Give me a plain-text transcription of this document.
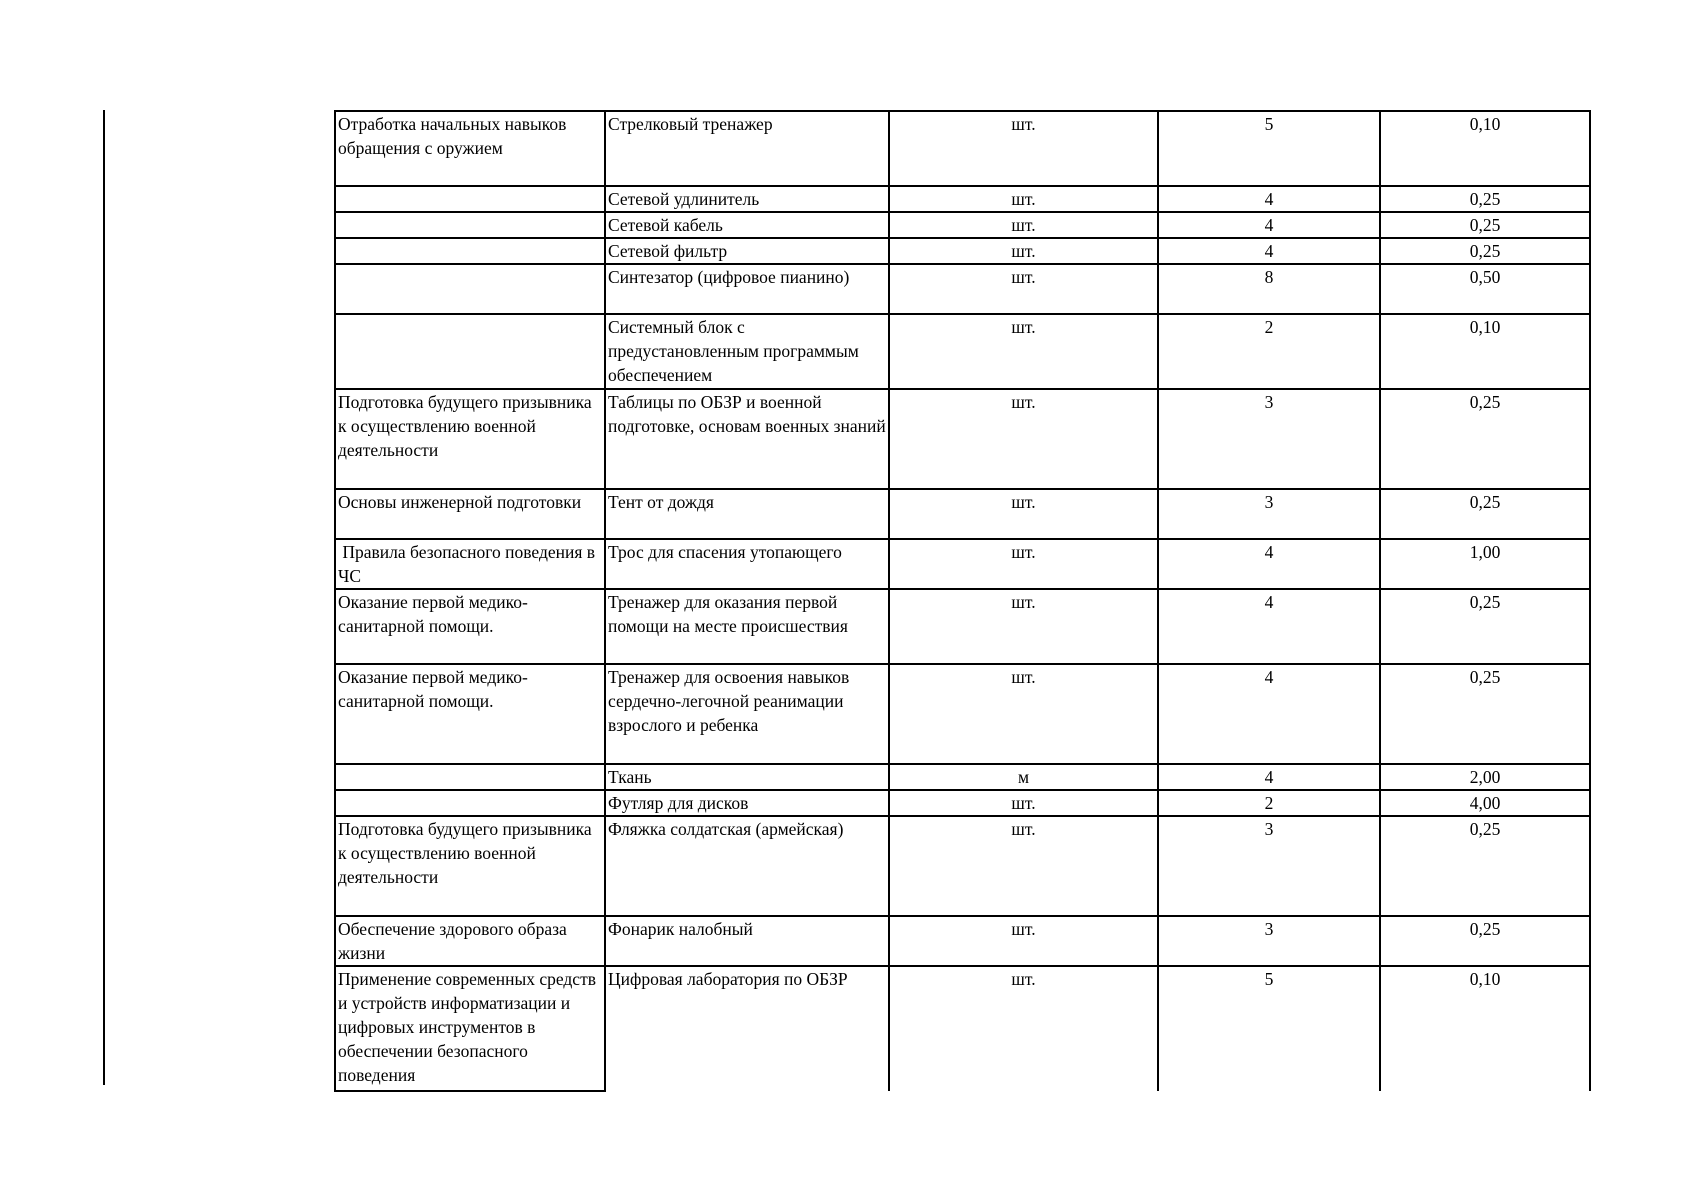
Отработка начальных навыков обращения с оружием	Стрелковый тренажер	шт.	5	0,10
	Сетевой удлинитель	шт.	4	0,25
	Сетевой кабель	шт.	4	0,25
	Сетевой фильтр	шт.	4	0,25
	Синтезатор (цифровое пианино)	шт.	8	0,50
	Системный блок с предустановленным программым обеспечением	шт.	2	0,10
Подготовка будущего призывника к осуществлению военной деятельности	Таблицы по ОБЗР и военной подготовке, основам военных знаний	шт.	3	0,25
Основы инженерной подготовки	Тент от дождя	шт.	3	0,25
Правила безопасного поведения в ЧС	Трос для спасения утопающего	шт.	4	1,00
Оказание первой медико-санитарной помощи.	Тренажер для оказания первой помощи на месте происшествия	шт.	4	0,25
Оказание первой медико-санитарной помощи.	Тренажер для освоения навыков сердечно-легочной реанимации взрослого и ребенка	шт.	4	0,25
	Ткань	м	4	2,00
	Футляр для дисков	шт.	2	4,00
Подготовка будущего призывника к осуществлению военной деятельности	Фляжка солдатская (армейская)	шт.	3	0,25
Обеспечение здорового образа жизни	Фонарик налобный	шт.	3	0,25
Применение современных средств и устройств информатизации и цифровых инструментов в обеспечении безопасного поведения	Цифровая лаборатория по ОБЗР	шт.	5	0,10
